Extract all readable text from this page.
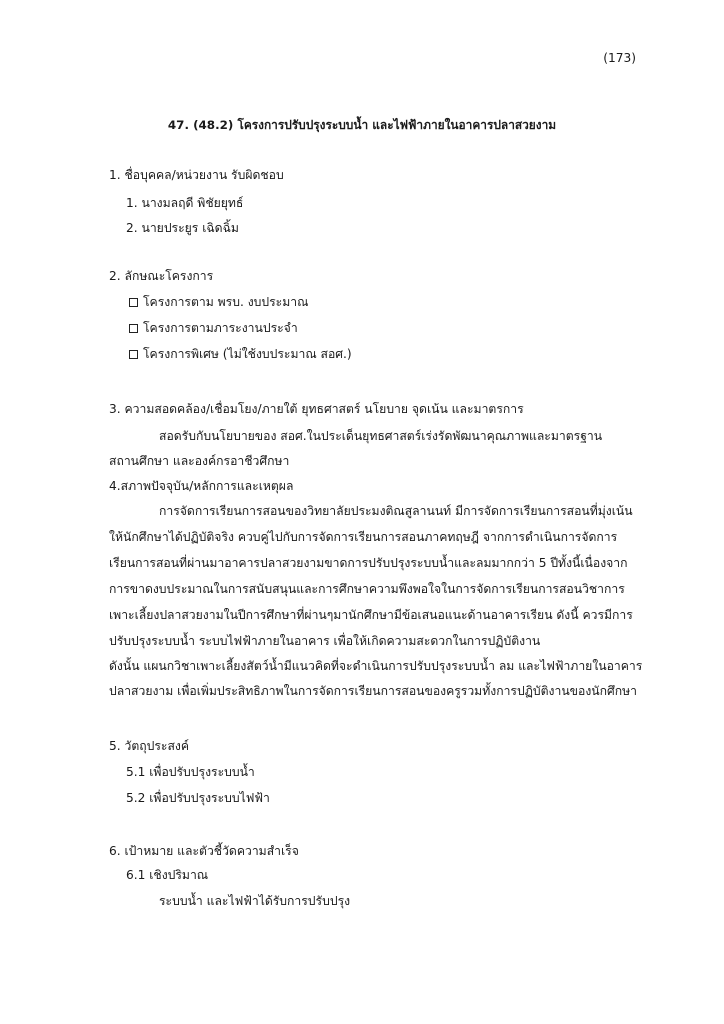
(173)
47. (48.2) โครงการปรับปรุงระบบน้ำ และไฟฟ้าภายในอาคารปลาสวยงาม
1. ชื่อบุคคล/หน่วยงาน รับผิดชอบ
1. นางมลฤดี พิชัยยุทธ์
2. นายประยูร เฉิดฉิ้ม
2. ลักษณะโครงการ
โครงการตาม พรบ. งบประมาณ
โครงการตามภาระงานประจำ
โครงการพิเศษ (ไม่ใช้งบประมาณ สอศ.)
3. ความสอดคล้อง/เชื่อมโยง/ภายใต้ ยุทธศาสตร์ นโยบาย จุดเน้น และมาตรการ
สอดรับกับนโยบายของ สอศ.ในประเด็นยุทธศาสตร์เร่งรัดพัฒนาคุณภาพและมาตรฐาน
สถานศึกษา และองค์กรอาชีวศึกษา
4.สภาพปัจจุบัน/หลักการและเหตุผล
การจัดการเรียนการสอนของวิทยาลัยประมงติณสูลานนท์ มีการจัดการเรียนการสอนที่มุ่งเน้น
ให้นักศึกษาได้ปฏิบัติจริง ควบคู่ไปกับการจัดการเรียนการสอนภาคทฤษฎี จากการดำเนินการจัดการ
เรียนการสอนที่ผ่านมาอาคารปลาสวยงามขาดการปรับปรุงระบบน้ำและลมมากกว่า 5 ปีทั้งนี้เนื่องจาก
การขาดงบประมาณในการสนับสนุนและการศึกษาความพึงพอใจในการจัดการเรียนการสอนวิชาการ
เพาะเลี้ยงปลาสวยงามในปีการศึกษาที่ผ่านๆมานักศึกษามีข้อเสนอแนะด้านอาคารเรียน ดังนี้ ควรมีการ
ปรับปรุงระบบน้ำ ระบบไฟฟ้าภายในอาคาร เพื่อให้เกิดความสะดวกในการปฏิบัติงาน
ดังนั้น แผนกวิชาเพาะเลี้ยงสัตว์น้ำมีแนวคิดที่จะดำเนินการปรับปรุงระบบน้ำ ลม และไฟฟ้าภายในอาคาร
ปลาสวยงาม เพื่อเพิ่มประสิทธิภาพในการจัดการเรียนการสอนของครูรวมทั้งการปฏิบัติงานของนักศึกษา
5. วัตถุประสงค์
5.1 เพื่อปรับปรุงระบบน้ำ
5.2 เพื่อปรับปรุงระบบไฟฟ้า
6. เป้าหมาย และตัวชี้วัดความสำเร็จ
6.1 เชิงปริมาณ
ระบบน้ำ และไฟฟ้าได้รับการปรับปรุง
